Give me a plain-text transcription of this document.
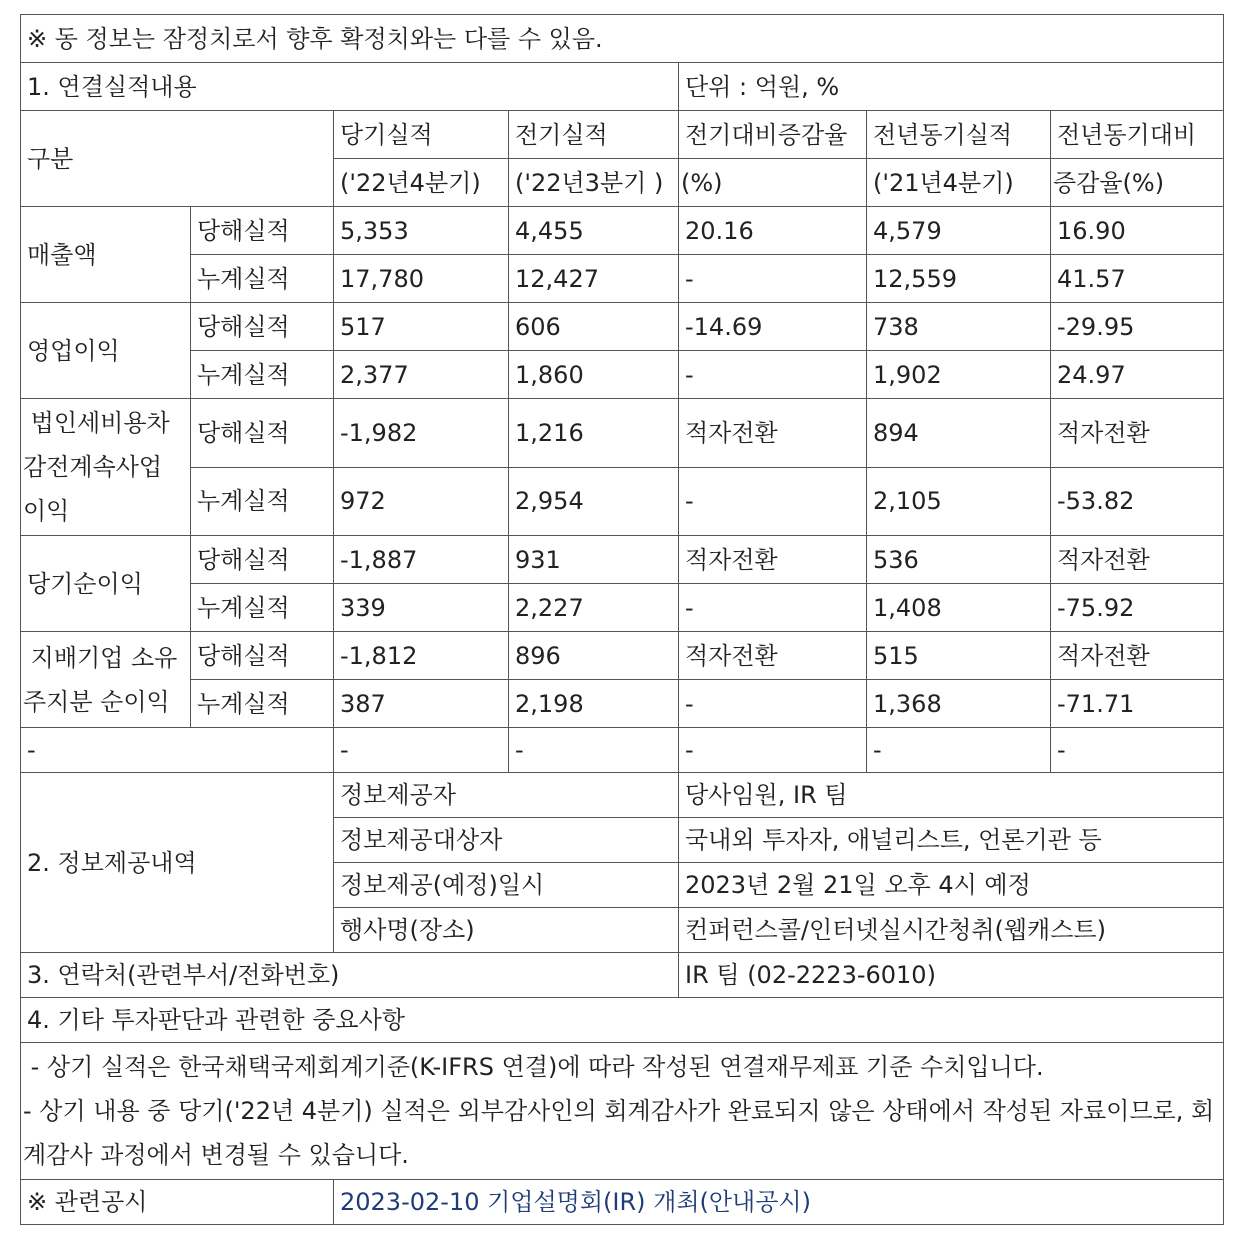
※ 동 정보는 잠정치로서 향후 확정치와는 다를 수 있음.						
1. 연결실적내용				단위 : 억원, %		
구분		당기실적	전기실적	전기대비증감율	전년동기실적	전년동기대비
		('22년4분기)	('22년3분기 )	(%)	('21년4분기)	증감율(%)
매출액	당해실적	5,353	4,455	20.16	4,579	16.90
	누계실적	17,780	12,427	-	12,559	41.57
영업이익	당해실적	517	606	-14.69	738	-29.95
	누계실적	2,377	1,860	-	1,902	24.97

법인세비용차
감전계속사업
이익	당해실적	-1,982	1,216	적자전환	894	적자전환
	누계실적	972	2,954	-	2,105	-53.82
당기순이익	당해실적	-1,887	931	적자전환	536	적자전환
	누계실적	339	2,227	-	1,408	-75.92

지배기업 소유
주지분 순이익	당해실적	-1,812	896	적자전환	515	적자전환
	누계실적	387	2,198	-	1,368	-71.71
-		-	-	-	-	-
2. 정보제공내역		정보제공자		당사임원, IR 팀		
		정보제공대상자		국내외 투자자, 애널리스트, 언론기관 등		
		정보제공(예정)일시		2023년 2월 21일 오후 4시 예정		
		행사명(장소)		컨퍼런스콜/인터넷실시간청취(웹캐스트)		
3. 연락처(관련부서/전화번호)				IR 팀 (02-2223-6010)		
4. 기타 투자판단과 관련한 중요사항						

- 상기 실적은 한국채택국제회계기준(K-IFRS 연결)에 따라 작성된 연결재무제표 기준 수치입니다.
- 상기 내용 중 당기('22년 4분기) 실적은 외부감사인의 회계감사가 완료되지 않은 상태에서 작성된 자료이므로, 회계감사 과정에서 변경될 수 있습니다.						

※ 관련공시		2023-02-10 기업설명회(IR) 개최(안내공시)				
